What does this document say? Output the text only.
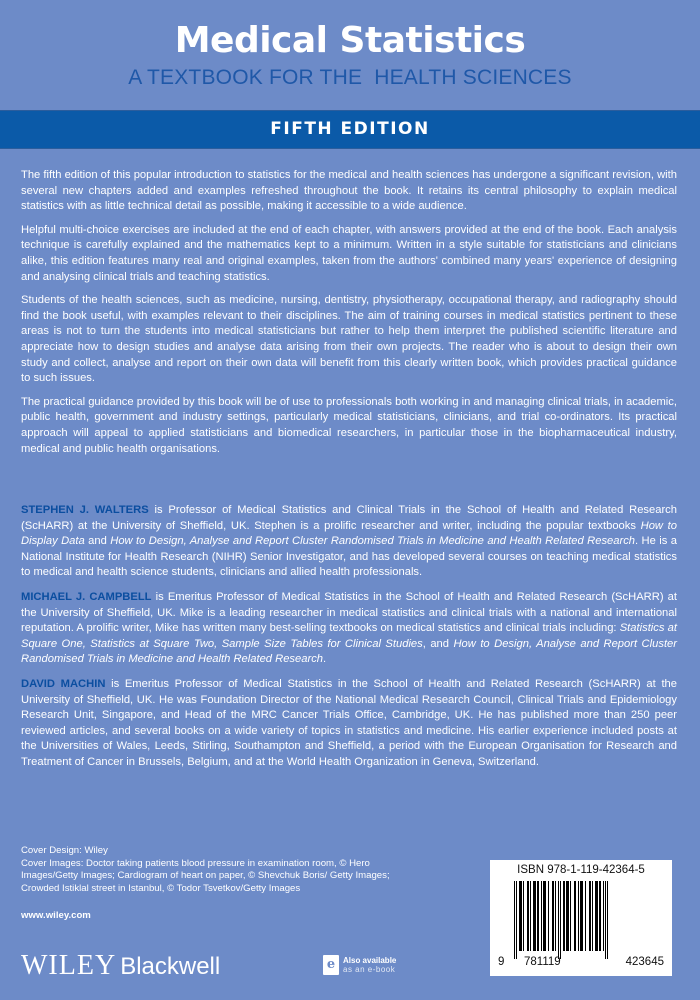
Medical Statistics
A TEXTBOOK FOR THE  HEALTH SCIENCES
FIFTH EDITION

The fifth edition of this popular introduction to statistics for the medical and health sciences has undergone a significant revision, with several new chapters added and examples refreshed throughout the book. It retains its central philosophy to explain medical statistics with as little technical detail as possible, making it accessible to a wide audience.

Helpful multi-choice exercises are included at the end of each chapter, with answers provided at the end of the book. Each analysis technique is carefully explained and the mathematics kept to a minimum. Written in a style suitable for statisticians and clinicians alike, this edition features many real and original examples, taken from the authors' combined many years' experience of designing and analysing clinical trials and teaching statistics.

Students of the health sciences, such as medicine, nursing, dentistry, physiotherapy, occupational therapy, and radiography should find the book useful, with examples relevant to their disciplines. The aim of training courses in medical statistics pertinent to these areas is not to turn the students into medical statisticians but rather to help them interpret the published scientific literature and appreciate how to design studies and analyse data arising from their own projects. The reader who is about to design their own study and collect, analyse and report on their own data will benefit from this clearly written book, which provides practical guidance to such issues.

The practical guidance provided by this book will be of use to professionals both working in and managing clinical trials, in academic, public health, government and industry settings, particularly medical statisticians, clinicians, and trial co-ordinators. Its practical approach will appeal to applied statisticians and biomedical researchers, in particular those in the biopharmaceutical industry, medical and public health organisations.

STEPHEN J. WALTERS is Professor of Medical Statistics and Clinical Trials in the School of Health and Related Research (ScHARR) at the University of Sheffield, UK. Stephen is a prolific researcher and writer, including the popular textbooks How to Display Data and How to Design, Analyse and Report Cluster Randomised Trials in Medicine and Health Related Research. He is a National Institute for Health Research (NIHR) Senior Investigator, and has developed several courses on teaching medical statistics to medical and health science students, clinicians and allied health professionals.

MICHAEL J. CAMPBELL is Emeritus Professor of Medical Statistics in the School of Health and Related Research (ScHARR) at the University of Sheffield, UK. Mike is a leading researcher in medical statistics and clinical trials with a national and international reputation. A prolific writer, Mike has written many best-selling textbooks on medical statistics and clinical trials including: Statistics at Square One, Statistics at Square Two, Sample Size Tables for Clinical Studies, and How to Design, Analyse and Report Cluster Randomised Trials in Medicine and Health Related Research.

DAVID MACHIN is Emeritus Professor of Medical Statistics in the School of Health and Related Research (ScHARR) at the University of Sheffield, UK. He was Foundation Director of the National Medical Research Council, Clinical Trials and Epidemiology Research Unit, Singapore, and Head of the MRC Cancer Trials Office, Cambridge, UK. He has published more than 250 peer reviewed articles, and several books on a wide variety of topics in statistics and medicine. His earlier experience included posts at the Universities of Wales, Leeds, Stirling, Southampton and Sheffield, a period with the European Organisation for Research and Treatment of Cancer in Brussels, Belgium, and at the World Health Organization in Geneva, Switzerland.

Cover Design: Wiley
Cover Images: Doctor taking patients blood pressure in examination room, © Hero Images/Getty Images; Cardiogram of heart on paper, © Shevchuk Boris/ Getty Images; Crowded Istiklal street in Istanbul, © Todor Tsvetkov/Getty Images
www.wiley.com
WILEY Blackwell	e Also available
as an e-book
ISBN 978-1-119-42364-5
9	781119	423645
